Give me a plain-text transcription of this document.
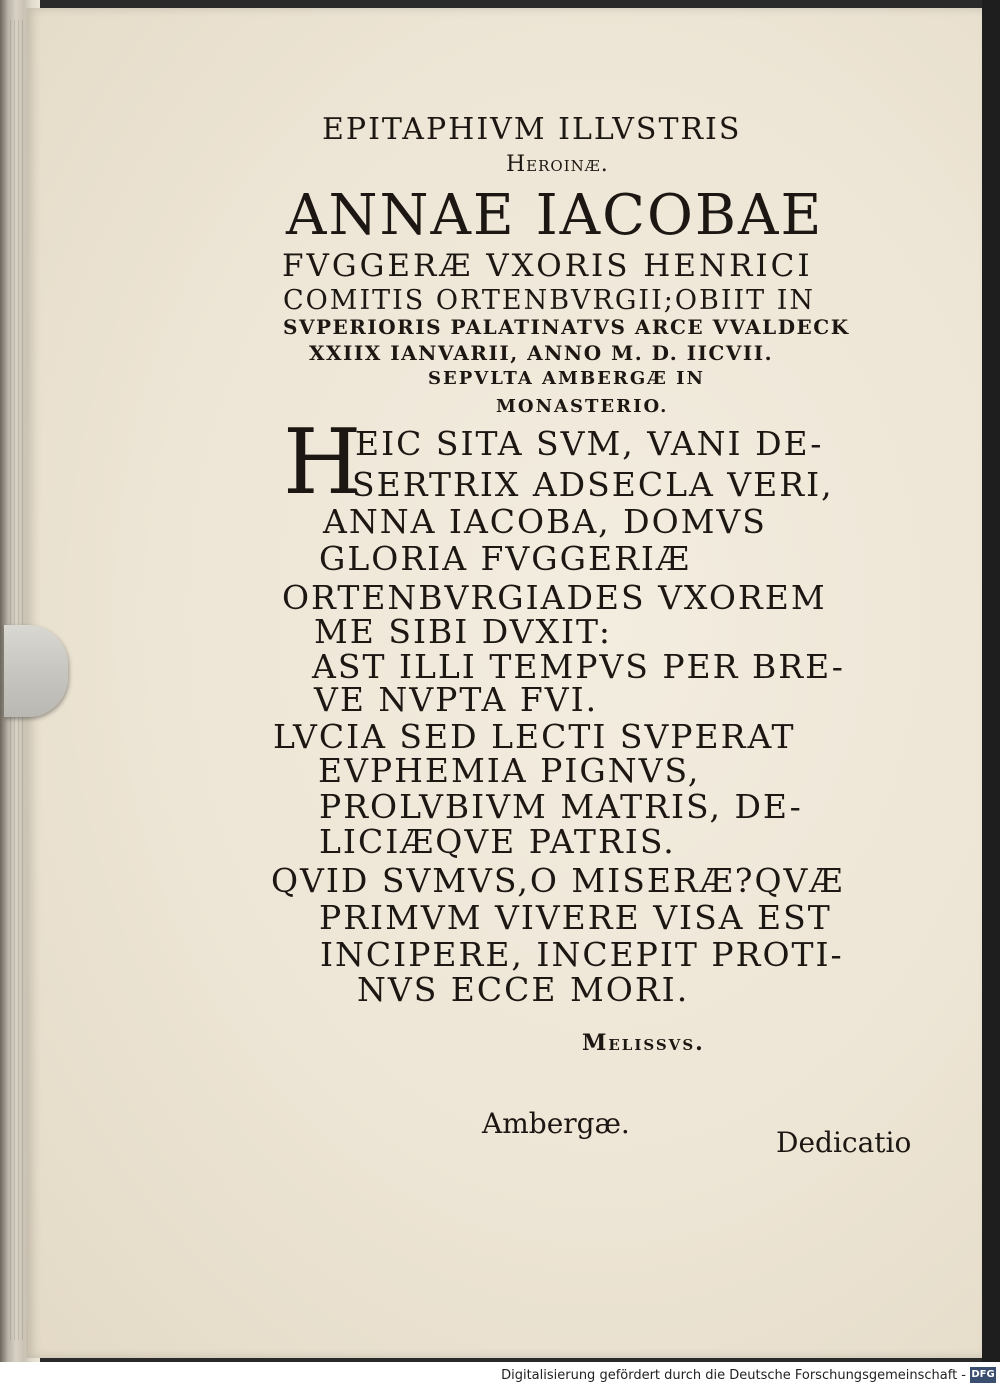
EPITAPHIVM ILLVSTRIS
Heroinæ.
ANNAE IACOBAE
FVGGERÆ VXORIS HENRICI
COMITIS ORTENBVRGII;OBIIT IN
SVPERIORIS PALATINATVS ARCE VVALDECK
XXIIX IANVARII, ANNO M. D. IICVII.
SEPVLTA AMBERGÆ IN
MONASTERIO.
H
EIC SITA SVM, VANI DE-
SERTRIX ADSECLA VERI,
ANNA IACOBA, DOMVS
GLORIA FVGGERIÆ
ORTENBVRGIADES VXOREM
ME SIBI DVXIT:
AST ILLI TEMPVS PER BRE-
VE NVPTA FVI.
LVCIA SED LECTI SVPERAT
EVPHEMIA PIGNVS,
PROLVBIVM MATRIS, DE-
LICIÆQVE PATRIS.
QVID SVMVS,O MISERÆ?QVÆ
PRIMVM VIVERE VISA EST
INCIPERE, INCEPIT PROTI-
NVS ECCE MORI.
Melissvs.
Ambergæ.
Dedicatio
Digitalisierung gefördert durch die Deutsche Forschungsgemeinschaft - DFG
